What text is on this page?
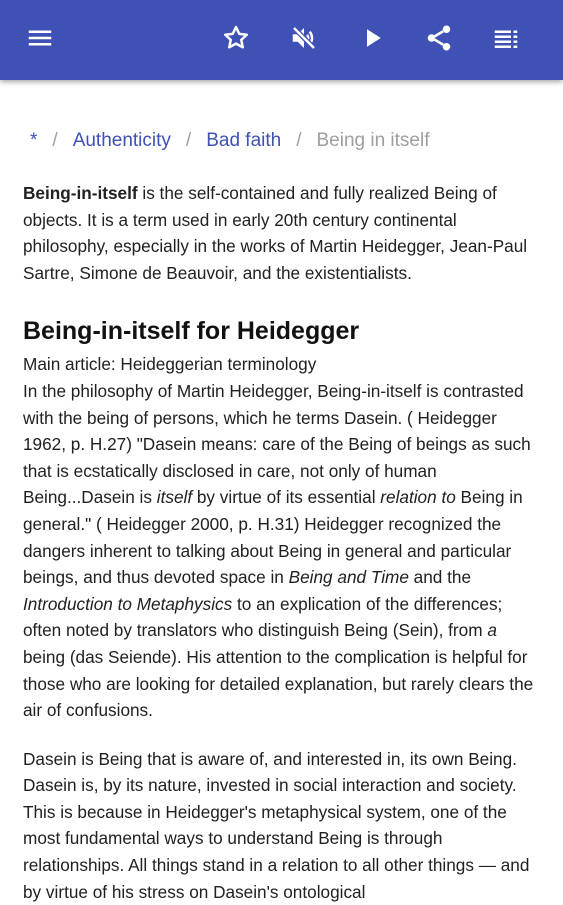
* / Authenticity / Bad faith / Being in itself

Being-in-itself is the self-contained and fully realized Being of objects. It is a term used in early 20th century continental philosophy, especially in the works of Martin Heidegger, Jean-Paul Sartre, Simone de Beauvoir, and the existentialists.

Being-in-itself for Heidegger

Main article: Heideggerian terminology

In the philosophy of Martin Heidegger, Being-in-itself is contrasted with the being of persons, which he terms Dasein. ( Heidegger 1962, p. H.27) "Dasein means: care of the Being of beings as such that is ecstatically disclosed in care, not only of human Being...Dasein is itself by virtue of its essential relation to Being in general." ( Heidegger 2000, p. H.31) Heidegger recognized the dangers inherent to talking about Being in general and particular beings, and thus devoted space in Being and Time and the Introduction to Metaphysics to an explication of the differences; often noted by translators who distinguish Being (Sein), from a being (das Seiende). His attention to the complication is helpful for those who are looking for detailed explanation, but rarely clears the air of confusions.

Dasein is Being that is aware of, and interested in, its own Being. Dasein is, by its nature, invested in social interaction and society. This is because in Heidegger's metaphysical system, one of the most fundamental ways to understand Being is through relationships. All things stand in a relation to all other things — and by virtue of his stress on Dasein's ontological
